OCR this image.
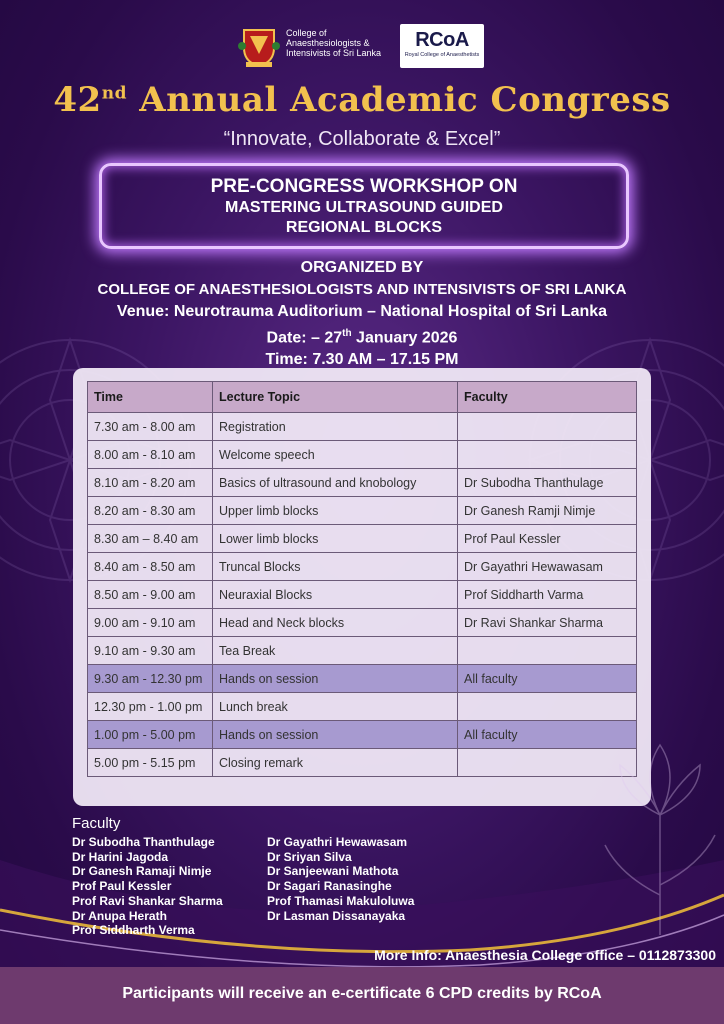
College of
Anaesthesiologists &
Intensivists of Sri Lanka
RCoA
Royal College of Anaesthetists
42nd Annual Academic Congress
“Innovate, Collaborate & Excel”
PRE-CONGRESS WORKSHOP ON
MASTERING ULTRASOUND GUIDED
REGIONAL BLOCKS
ORGANIZED BY
COLLEGE OF ANAESTHESIOLOGISTS AND INTENSIVISTS OF SRI LANKA
Venue: Neurotrauma Auditorium – National Hospital of Sri Lanka
Date: – 27th January 2026
Time: 7.30 AM – 17.15 PM
Time	Lecture Topic	Faculty
7.30 am - 8.00 am	Registration	
8.00 am - 8.10 am	Welcome speech	
8.10 am - 8.20 am	Basics of ultrasound and knobology	Dr Subodha Thanthulage
8.20 am - 8.30 am	Upper limb blocks	Dr Ganesh Ramji Nimje
8.30 am – 8.40 am	Lower limb blocks	Prof Paul Kessler
8.40 am - 8.50 am	Truncal Blocks	Dr Gayathri Hewawasam
8.50 am - 9.00 am	Neuraxial Blocks	Prof Siddharth Varma
9.00 am - 9.10 am	Head and Neck blocks	Dr Ravi Shankar Sharma
9.10 am - 9.30 am	Tea Break	
9.30 am - 12.30 pm	Hands on session	All faculty
12.30 pm - 1.00 pm	Lunch break	
1.00 pm - 5.00 pm	Hands on session	All faculty
5.00 pm - 5.15 pm	Closing remark	
Faculty
Dr Subodha Thanthulage
Dr Harini Jagoda
Dr Ganesh Ramaji Nimje
Prof Paul Kessler
Prof Ravi Shankar Sharma
Dr Anupa Herath
Prof Siddharth Verma
Dr Gayathri Hewawasam
Dr Sriyan Silva
Dr Sanjeewani Mathota
Dr Sagari Ranasinghe
Prof Thamasi Makuloluwa
Dr Lasman Dissanayaka
More Info: Anaesthesia College office – 0112873300
Participants will receive an e-certificate 6 CPD credits by RCoA
